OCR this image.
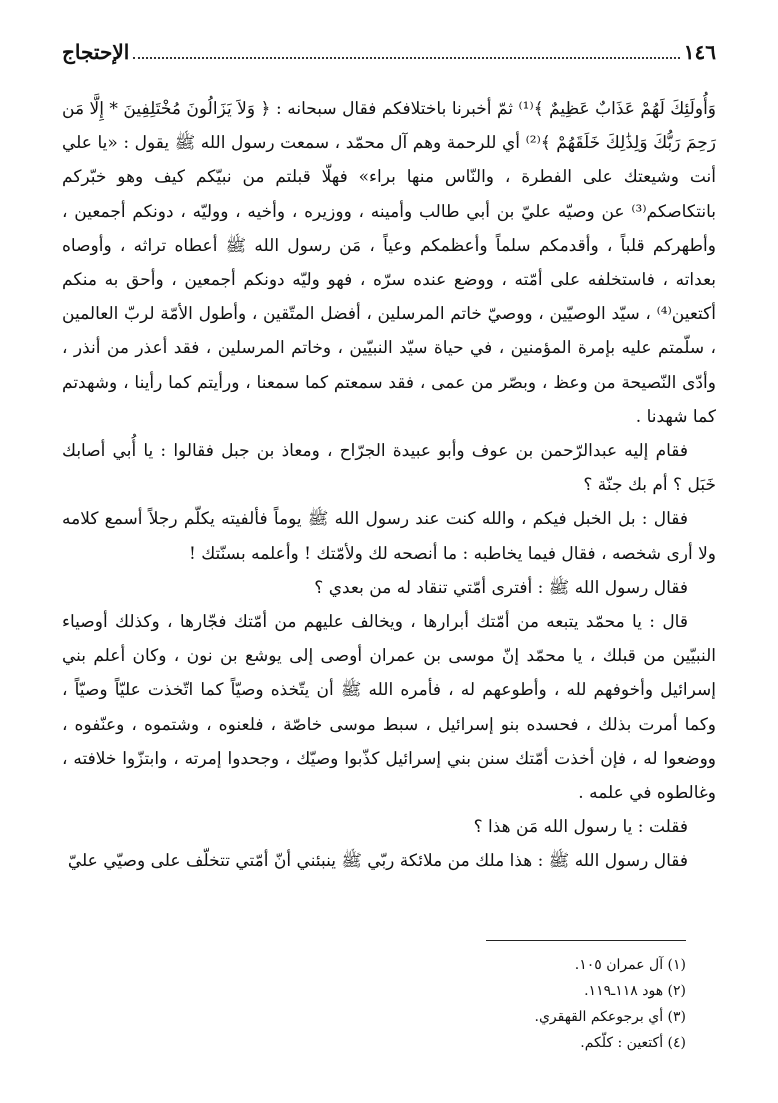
١٤٦
الإحتجاج

وَأُولَئِكَ لَهُمْ عَذَابٌ عَظِيمٌ ﴾⁽¹⁾ ثمّ أخبرنا باختلافكم فقال سبحانه : ﴿ وَلاَ يَزَالُونَ مُخْتَلِفِينَ * إِلَّا مَن رَحِمَ رَبُّكَ وَلِذَٰلِكَ خَلَقَهُمْ ﴾⁽²⁾ أي للرحمة وهم آل محمّد ، سمعت رسول الله ﷺ يقول : «يا علي أنت وشيعتك على الفطرة ، والنّاس منها براء» فهلّا قبلتم من نبيّكم كيف وهو خبّركم بانتكاصكم⁽³⁾ عن وصيّه عليّ بن أبي طالب وأمينه ، ووزيره ، وأخيه ، ووليّه ، دونكم أجمعين ، وأطهركم قلباً ، وأقدمكم سلماً وأعظمكم وعياً ، مَن رسول الله ﷺ أعطاه تراثه ، وأوصاه بعداته ، فاستخلفه على أمّته ، ووضع عنده سرّه ، فهو وليّه دونكم أجمعين ، وأحق به منكم أكتعين⁽⁴⁾ ، سيّد الوصيّين ، ووصيّ خاتم المرسلين ، أفضل المتّقين ، وأطول الأمّة لربّ العالمين ، سلّمتم عليه بإمرة المؤمنين ، في حياة سيّد النبيّين ، وخاتم المرسلين ، فقد أعذر من أنذر ، وأدّى النّصيحة من وعظ ، وبصّر من عمى ، فقد سمعتم كما سمعنا ، ورأيتم كما رأينا ، وشهدتم كما شهدنا .

فقام إليه عبدالرّحمن بن عوف وأبو عبيدة الجرّاح ، ومعاذ بن جبل فقالوا : يا أُبي أصابك خَبَل ؟ أم بك جنّة ؟

فقال : بل الخبل فيكم ، والله كنت عند رسول الله ﷺ يوماً فألفيته يكلّم رجلاً أسمع كلامه ولا أرى شخصه ، فقال فيما يخاطبه : ما أنصحه لك ولأمّتك ! وأعلمه بسنّتك !

فقال رسول الله ﷺ : أفترى أمّتي تنقاد له من بعدي ؟

قال : يا محمّد يتبعه من أمّتك أبرارها ، ويخالف عليهم من أمّتك فجّارها ، وكذلك أوصياء النبيّين من قبلك ، يا محمّد إنّ موسى بن عمران أوصى إلى يوشع بن نون ، وكان أعلم بني إسرائيل وأخوفهم لله ، وأطوعهم له ، فأمره الله ﷺ أن يتّخذه وصيّاً كما اتّخذت عليّاً وصيّاً ، وكما أمرت بذلك ، فحسده بنو إسرائيل ، سبط موسى خاصّة ، فلعنوه ، وشتموه ، وعنّفوه ، ووضعوا له ، فإن أخذت أمّتك سنن بني إسرائيل كذّبوا وصيّك ، وجحدوا إمرته ، وابتزّوا خلافته ، وغالطوه في علمه .

فقلت : يا رسول الله مَن هذا ؟

فقال رسول الله ﷺ : هذا ملك من ملائكة ربّي ﷺ ينبئني أنّ أمّتي تتخلّف على وصيّي عليّ

(١) آل عمران ١٠٥.
(٢) هود ١١٨ـ١١٩.
(٣) أي برجوعكم القهقري.
(٤) أكتعين : كلّكم.
